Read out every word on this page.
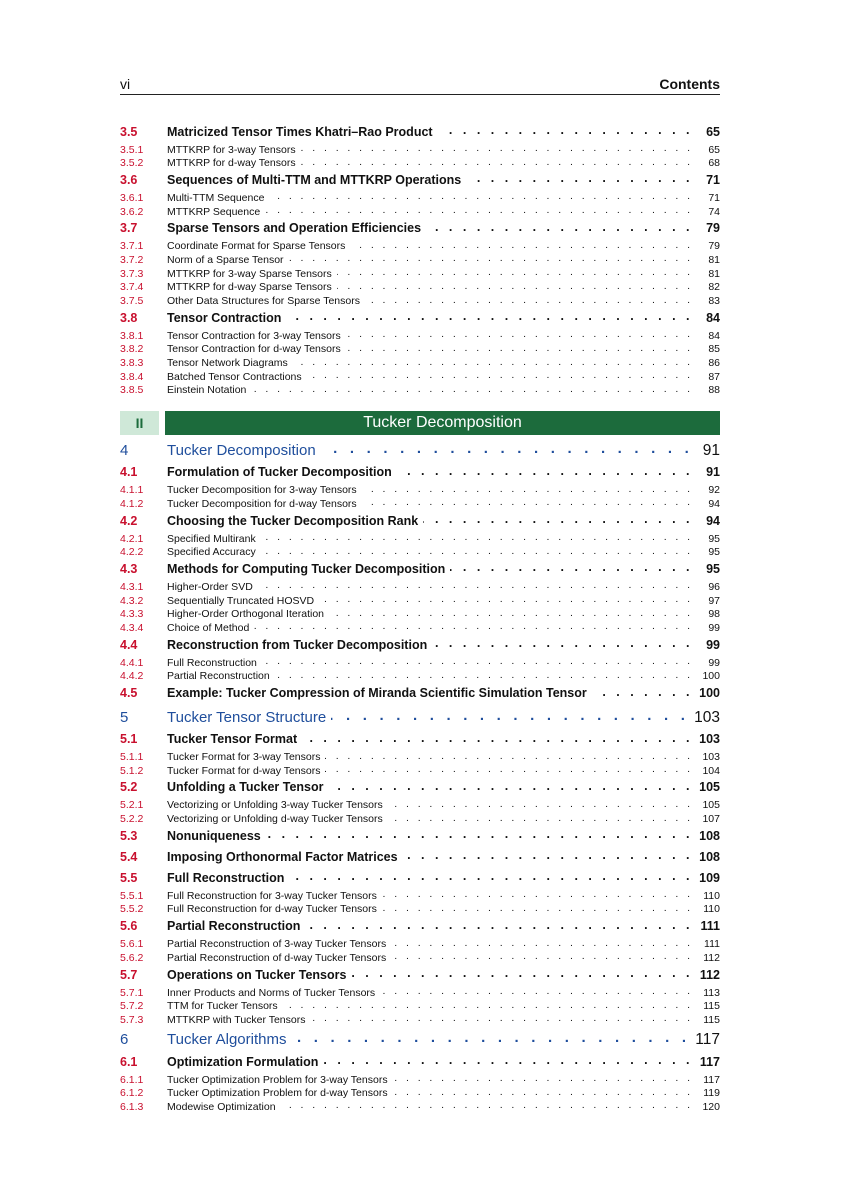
vi	Contents
3.5	Matricized Tensor Times Khatri–Rao Product . . .	65
3.5.1	MTTKRP for 3-way Tensors . . .	65
3.5.2	MTTKRP for d-way Tensors . . .	68
3.6	Sequences of Multi-TTM and MTTKRP Operations . . .	71
3.6.1	Multi-TTM Sequence . . .	71
3.6.2	MTTKRP Sequence . . .	74
3.7	Sparse Tensors and Operation Efficiencies . . .	79
3.7.1	Coordinate Format for Sparse Tensors . . .	79
3.7.2	Norm of a Sparse Tensor . . .	81
3.7.3	MTTKRP for 3-way Sparse Tensors . . .	81
3.7.4	MTTKRP for d-way Sparse Tensors . . .	82
3.7.5	Other Data Structures for Sparse Tensors . . .	83
3.8	Tensor Contraction . . .	84
3.8.1	Tensor Contraction for 3-way Tensors . . .	84
3.8.2	Tensor Contraction for d-way Tensors . . .	85
3.8.3	Tensor Network Diagrams . . .	86
3.8.4	Batched Tensor Contractions . . .	87
3.8.5	Einstein Notation . . .	88
II	Tucker Decomposition
4	Tucker Decomposition . . .	91
4.1	Formulation of Tucker Decomposition . . .	91
4.1.1	Tucker Decomposition for 3-way Tensors . . .	92
4.1.2	Tucker Decomposition for d-way Tensors . . .	94
4.2	Choosing the Tucker Decomposition Rank . . .	94
4.2.1	Specified Multirank . . .	95
4.2.2	Specified Accuracy . . .	95
4.3	Methods for Computing Tucker Decomposition . . .	95
4.3.1	Higher-Order SVD . . .	96
4.3.2	Sequentially Truncated HOSVD . . .	97
4.3.3	Higher-Order Orthogonal Iteration . . .	98
4.3.4	Choice of Method . . .	99
4.4	Reconstruction from Tucker Decomposition . . .	99
4.4.1	Full Reconstruction . . .	99
4.4.2	Partial Reconstruction . . .	100
4.5	Example: Tucker Compression of Miranda Scientific Simulation Tensor . . .	100
5	Tucker Tensor Structure . . .	103
5.1	Tucker Tensor Format . . .	103
5.1.1	Tucker Format for 3-way Tensors . . .	103
5.1.2	Tucker Format for d-way Tensors . . .	104
5.2	Unfolding a Tucker Tensor . . .	105
5.2.1	Vectorizing or Unfolding 3-way Tucker Tensors . . .	105
5.2.2	Vectorizing or Unfolding d-way Tucker Tensors . . .	107
5.3	Nonuniqueness . . .	108
5.4	Imposing Orthonormal Factor Matrices . . .	108
5.5	Full Reconstruction . . .	109
5.5.1	Full Reconstruction for 3-way Tucker Tensors . . .	110
5.5.2	Full Reconstruction for d-way Tucker Tensors . . .	110
5.6	Partial Reconstruction . . .	111
5.6.1	Partial Reconstruction of 3-way Tucker Tensors . . .	111
5.6.2	Partial Reconstruction of d-way Tucker Tensors . . .	112
5.7	Operations on Tucker Tensors . . .	112
5.7.1	Inner Products and Norms of Tucker Tensors . . .	113
5.7.2	TTM for Tucker Tensors . . .	115
5.7.3	MTTKRP with Tucker Tensors . . .	115
6	Tucker Algorithms . . .	117
6.1	Optimization Formulation . . .	117
6.1.1	Tucker Optimization Problem for 3-way Tensors . . .	117
6.1.2	Tucker Optimization Problem for d-way Tensors . . .	119
6.1.3	Modewise Optimization . . .	120
